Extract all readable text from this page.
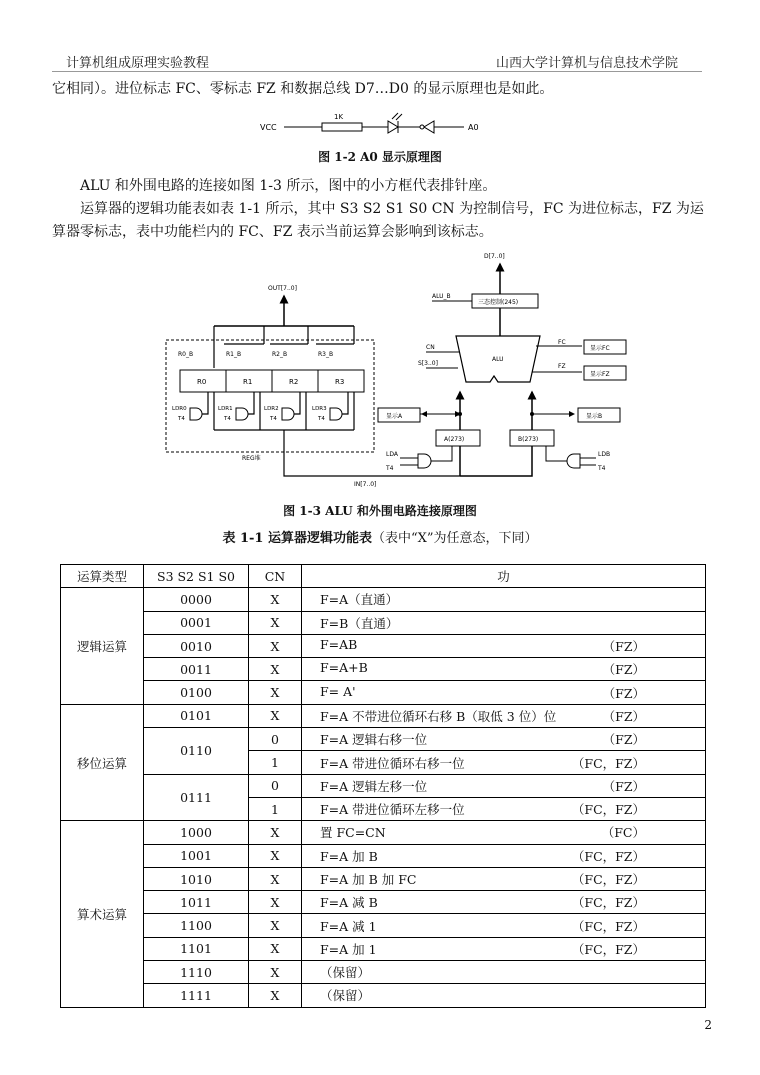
计算机组成原理实验教程	山西大学计算机与信息技术学院
它相同）。进位标志 FC、零标志 FZ 和数据总线 D7…D0 的显示原理也是如此。
VCC
1K
A0
图 1-2 A0 显示原理图
ALU 和外围电路的连接如图 1-3 所示，图中的小方框代表排针座。
运算器的逻辑功能表如表 1-1 所示，其中 S3 S2 S1 S0 CN 为控制信号，FC 为进位标志，FZ 为运算器零标志，表中功能栏内的 FC、FZ 表示当前运算会影响到该标志。
OUT[7..0]
REG堆
R0	R1	R2	R3
R0_B	R1_B	R2_B	R3_B
LDR0
T4
LDR1
T4
LDR2
T4
LDR3
T4
IN[7..0]
D[7..0]
三态控制(245)
ALU_B
ALU
CN
S[3..0]
FC
显示FC
FZ
显示FZ
显示A	显示B
A(273)	B(273)
LDA
T4
LDB
T4
图 1-3 ALU 和外围电路连接原理图
表 1-1 运算器逻辑功能表（表中“X”为任意态，下同）
运算类型	S3 S2 S1 S0	CN	功
逻辑运算	0000	X	F=A（直通）

	0001	X	F=B（直通）

	0010	X	F=AB （FZ）

	0011	X	F=A+B （FZ）

	0100	X	F= A' （FZ）

移位运算	0101	X	F=A 不带进位循环右移 B（取低 3 位）位 （FZ）

	0110	0	F=A 逻辑右移一位 （FZ）

		1	F=A 带进位循环右移一位 （FC，FZ）

	0111	0	F=A 逻辑左移一位 （FZ）

		1	F=A 带进位循环左移一位 （FC，FZ）

算术运算	1000	X	置 FC=CN （FC）

	1001	X	F=A 加 B （FC，FZ）

	1010	X	F=A 加 B 加 FC （FC，FZ）

	1011	X	F=A 减 B （FC，FZ）

	1100	X	F=A 减 1 （FC，FZ）

	1101	X	F=A 加 1 （FC，FZ）

	1110	X	（保留）

	1111	X	（保留）
2
